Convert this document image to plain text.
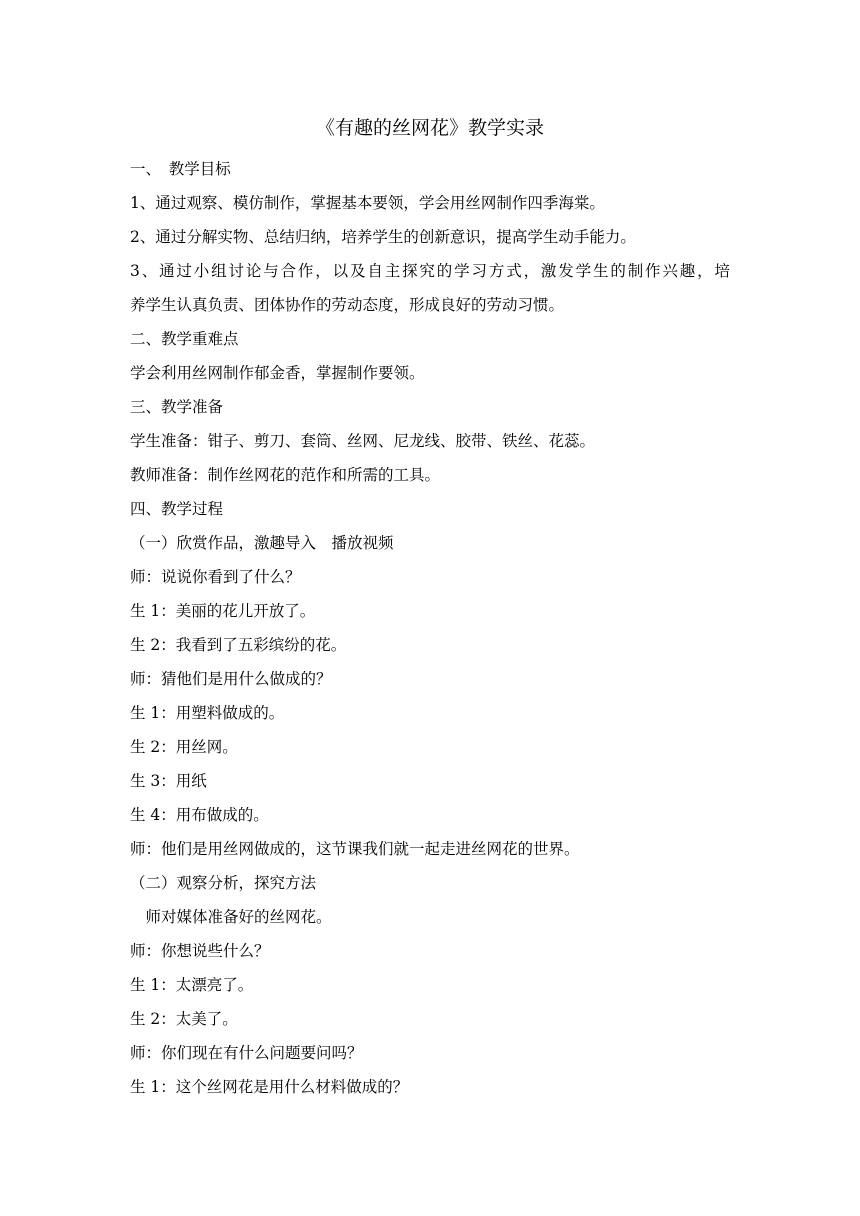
《有趣的丝网花》教学实录
一、　教学目标
1、通过观察、模仿制作，掌握基本要领，学会用丝网制作四季海棠。
2、通过分解实物、总结归纳，培养学生的创新意识，提高学生动手能力。
3、通过小组讨论与合作，以及自主探究的学习方式，激发学生的制作兴趣，培
养学生认真负责、团体协作的劳动态度，形成良好的劳动习惯。
二、教学重难点
学会利用丝网制作郁金香，掌握制作要领。
三、教学准备
学生准备：钳子、剪刀、套筒、丝网、尼龙线、胶带、铁丝、花蕊。
教师准备：制作丝网花的范作和所需的工具。
四、教学过程
（一）欣赏作品，激趣导入　播放视频
师：说说你看到了什么？
生 1：美丽的花儿开放了。
生 2：我看到了五彩缤纷的花。
师：猜他们是用什么做成的？
生 1：用塑料做成的。
生 2：用丝网。
生 3：用纸
生 4：用布做成的。
师：他们是用丝网做成的，这节课我们就一起走进丝网花的世界。
（二）观察分析，探究方法
　师对媒体准备好的丝网花。
师：你想说些什么？
生 1：太漂亮了。
生 2：太美了。
师：你们现在有什么问题要问吗？
生 1：这个丝网花是用什么材料做成的？
